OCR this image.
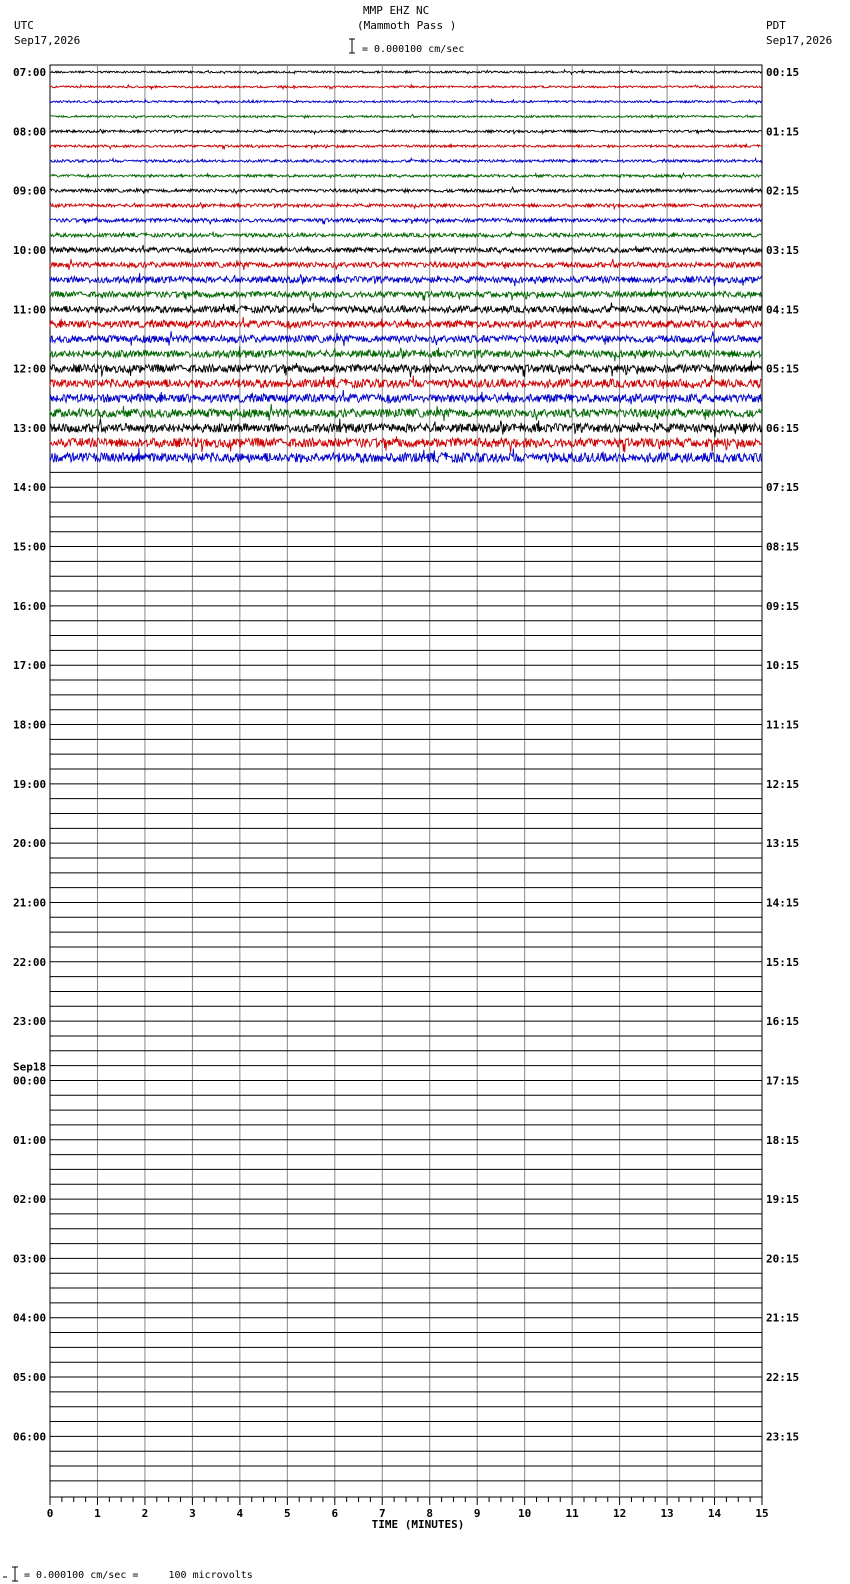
MMP EHZ NC
(Mammoth Pass )
UTC
Sep17,2026
PDT
Sep17,2026
= 0.000100 cm/sec
07:00	00:15
08:00	01:15
09:00	02:15
10:00	03:15
11:00	04:15
12:00	05:15
13:00	06:15
14:00	07:15
15:00	08:15
16:00	09:15
17:00	10:15
18:00	11:15
19:00	12:15
20:00	13:15
21:00	14:15
22:00	15:15
23:00	16:15
00:00	17:15
01:00	18:15
02:00	19:15
03:00	20:15
04:00	21:15
05:00	22:15
06:00	23:15
Sep18
0	1	2	3	4	5	6	7	8	9	10	11	12	13	14	15
TIME (MINUTES)
= 0.000100 cm/sec =     100 microvolts
